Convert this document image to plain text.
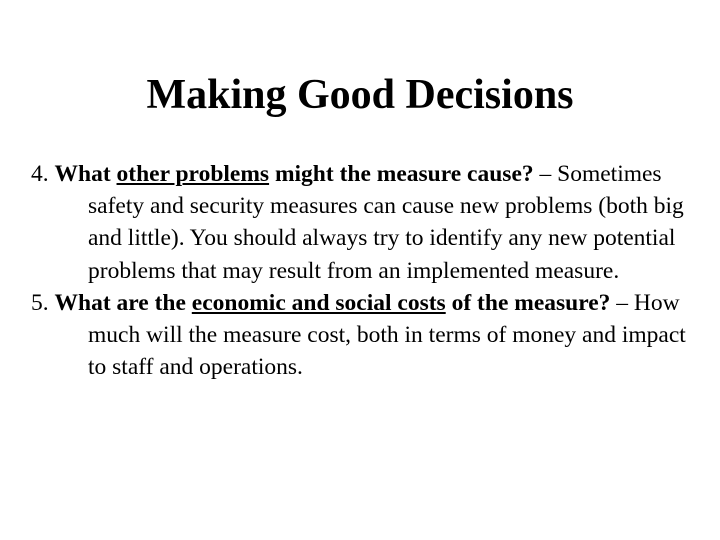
Making Good Decisions
4. What other problems might the measure cause? – Sometimes safety and security measures can cause new problems (both big and little). You should always try to identify any new potential problems that may result from an implemented measure.
5. What are the economic and social costs of the measure? – How much will the measure cost, both in terms of money and impact to staff and operations.
